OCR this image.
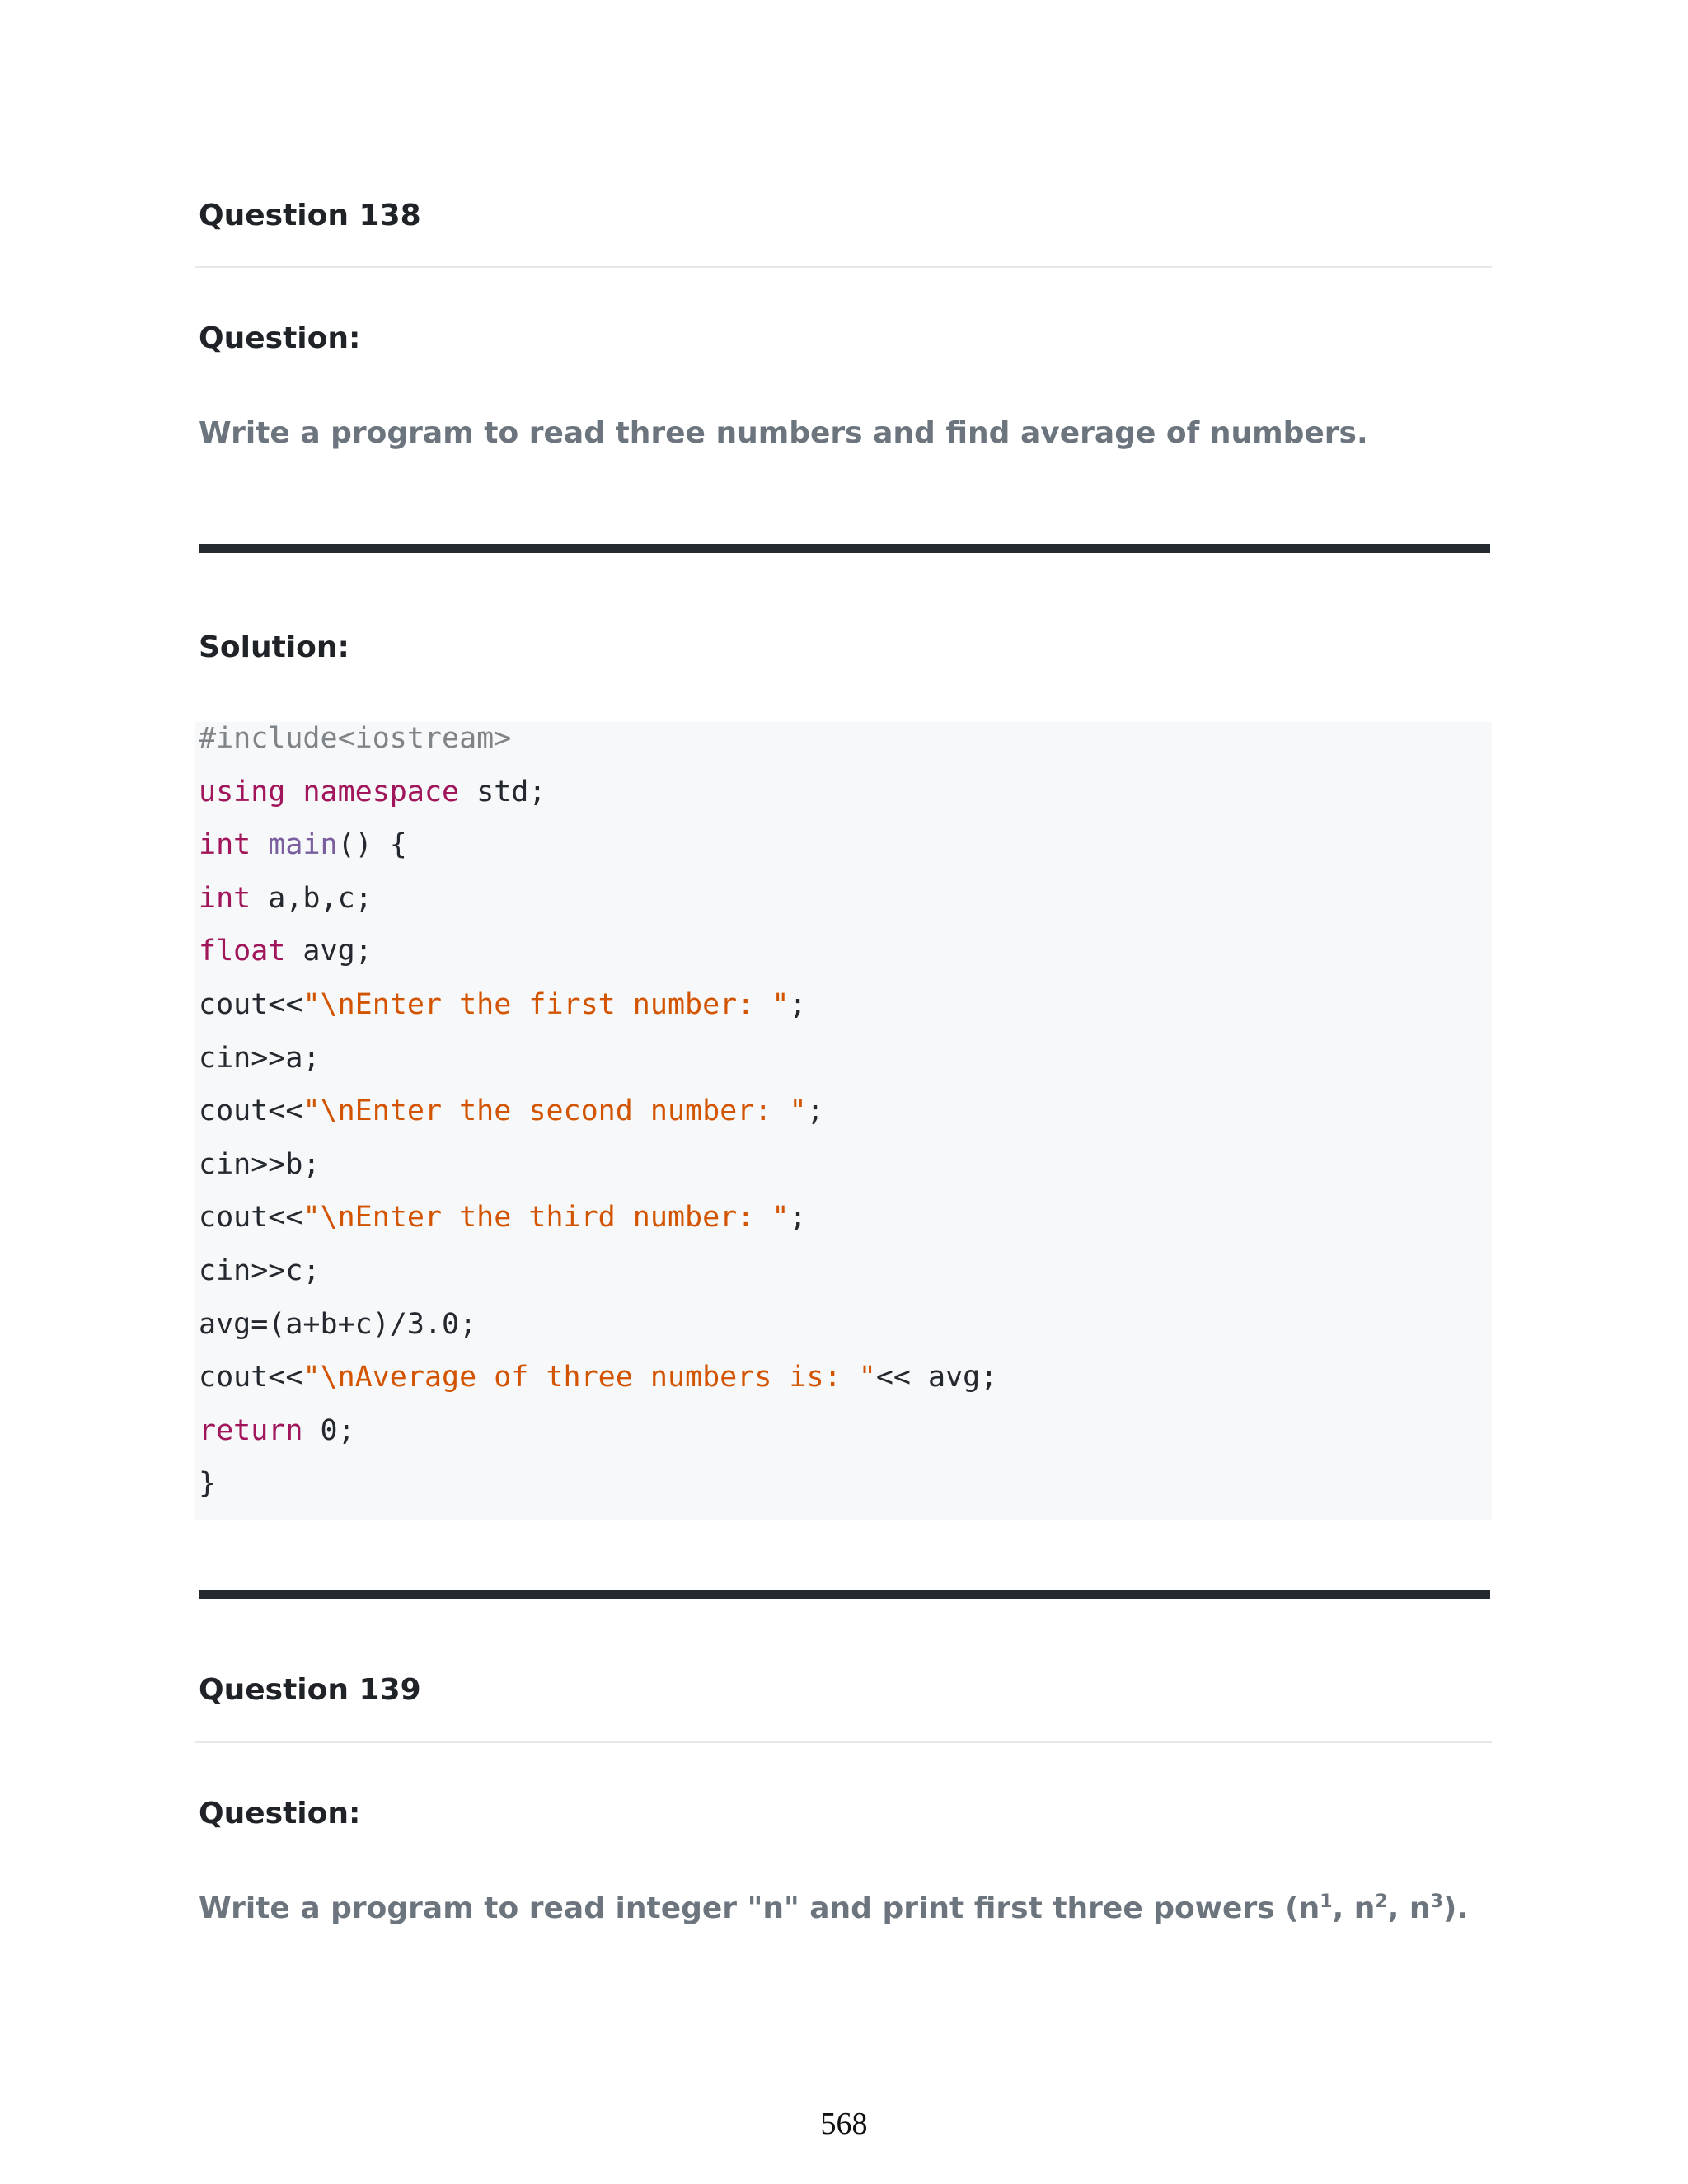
Question 138
Question:
Write a program to read three numbers and find average of numbers.
Solution:
#include<iostream>
using namespace std;
int main() {
int a,b,c;
float avg;
cout<<"\nEnter the first number: ";
cin>>a;
cout<<"\nEnter the second number: ";
cin>>b;
cout<<"\nEnter the third number: ";
cin>>c;
avg=(a+b+c)/3.0;
cout<<"\nAverage of three numbers is: "<< avg;
return 0;
}
Question 139
Question:
Write a program to read integer "n" and print first three powers ($n^1$, $n^2$, $n^3$).
568
